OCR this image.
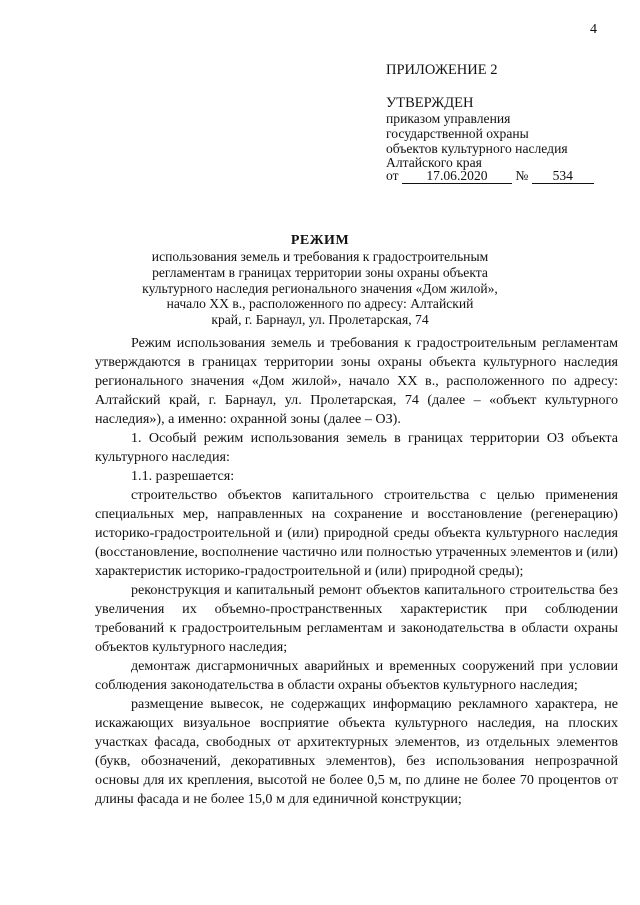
4
ПРИЛОЖЕНИЕ 2
УТВЕРЖДЕН
приказом управления
государственной охраны
объектов культурного наследия
Алтайского края
от 17.06.2020 № 534
РЕЖИМ
использования земель и требования к градостроительным
регламентам в границах территории зоны охраны объекта
культурного наследия регионального значения «Дом жилой»,
начало XX в., расположенного по адресу: Алтайский
край, г. Барнаул, ул. Пролетарская, 74

Режим использования земель и требования к градостроительным регламентам утверждаются в границах территории зоны охраны объекта культурного наследия регионального значения «Дом жилой», начало XX в., расположенного по адресу: Алтайский край, г. Барнаул, ул. Пролетарская, 74 (далее – «объект культурного наследия»), а именно: охранной зоны (далее – ОЗ).

1. Особый режим использования земель в границах территории ОЗ объекта культурного наследия:

1.1. разрешается:

строительство объектов капитального строительства с целью применения специальных мер, направленных на сохранение и восстановление (регенерацию) историко-градостроительной и (или) природной среды объекта культурного наследия (восстановление, восполнение частично или полностью утраченных элементов и (или) характеристик историко-градостроительной и (или) природной среды);

реконструкция и капитальный ремонт объектов капитального строительства без увеличения их объемно-пространственных характеристик при соблюдении требований к градостроительным регламентам и законодательства в области охраны объектов культурного наследия;

демонтаж дисгармоничных аварийных и временных сооружений при условии соблюдения законодательства в области охраны объектов культурного наследия;

размещение вывесок, не содержащих информацию рекламного характера, не искажающих визуальное восприятие объекта культурного наследия, на плоских участках фасада, свободных от архитектурных элементов, из отдельных элементов (букв, обозначений, декоративных элементов), без использования непрозрачной основы для их крепления, высотой не более 0,5 м, по длине не более 70 процентов от длины фасада и не более 15,0 м для единичной конструкции;
